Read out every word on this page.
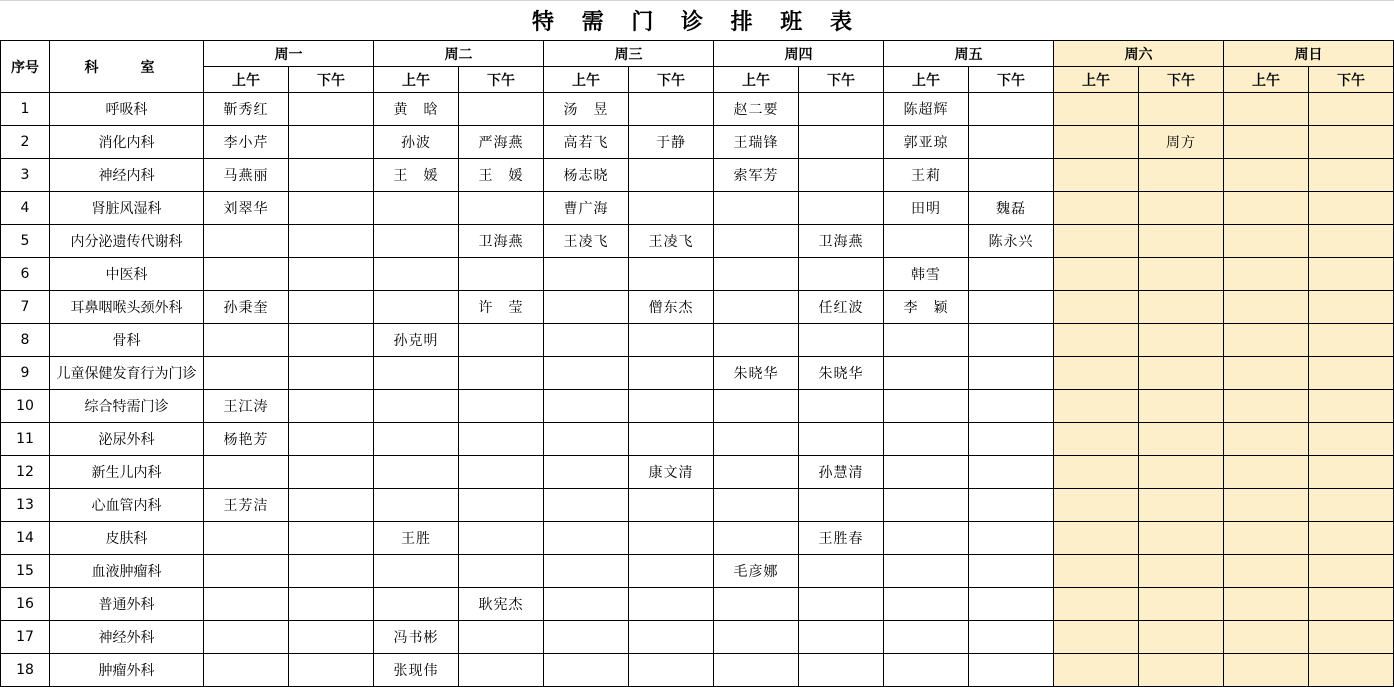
特 需 门 诊 排 班 表
序号	科　室	周一		周二		周三		周四		周五		周六		周日	
		上午	下午	上午	下午	上午	下午	上午	下午	上午	下午	上午	下午	上午	下午
1	呼吸科	靳秀红		黄　晗		汤　昱		赵二要		陈超辉					
2	消化内科	李小芹		孙波	严海燕	高若飞	于静	王瑞锋		郭亚琼			周方		
3	神经内科	马燕丽		王　媛	王　媛	杨志晓		索军芳		王莉					
4	肾脏风湿科	刘翠华				曹广海				田明	魏磊				
5	内分泌遗传代谢科				卫海燕	王凌飞	王凌飞		卫海燕		陈永兴				
6	中医科									韩雪					
7	耳鼻咽喉头颈外科	孙秉奎			许　莹		僧东杰		任红波	李　颖					
8	骨科			孙克明											
9	儿童保健发育行为门诊							朱晓华	朱晓华						
10	综合特需门诊	王江涛													
11	泌尿外科	杨艳芳													
12	新生儿内科						康文清		孙慧清						
13	心血管内科	王芳洁													
14	皮肤科			王胜					王胜春						
15	血液肿瘤科							毛彦娜							
16	普通外科				耿宪杰										
17	神经外科			冯书彬											
18	肿瘤外科			张现伟											
